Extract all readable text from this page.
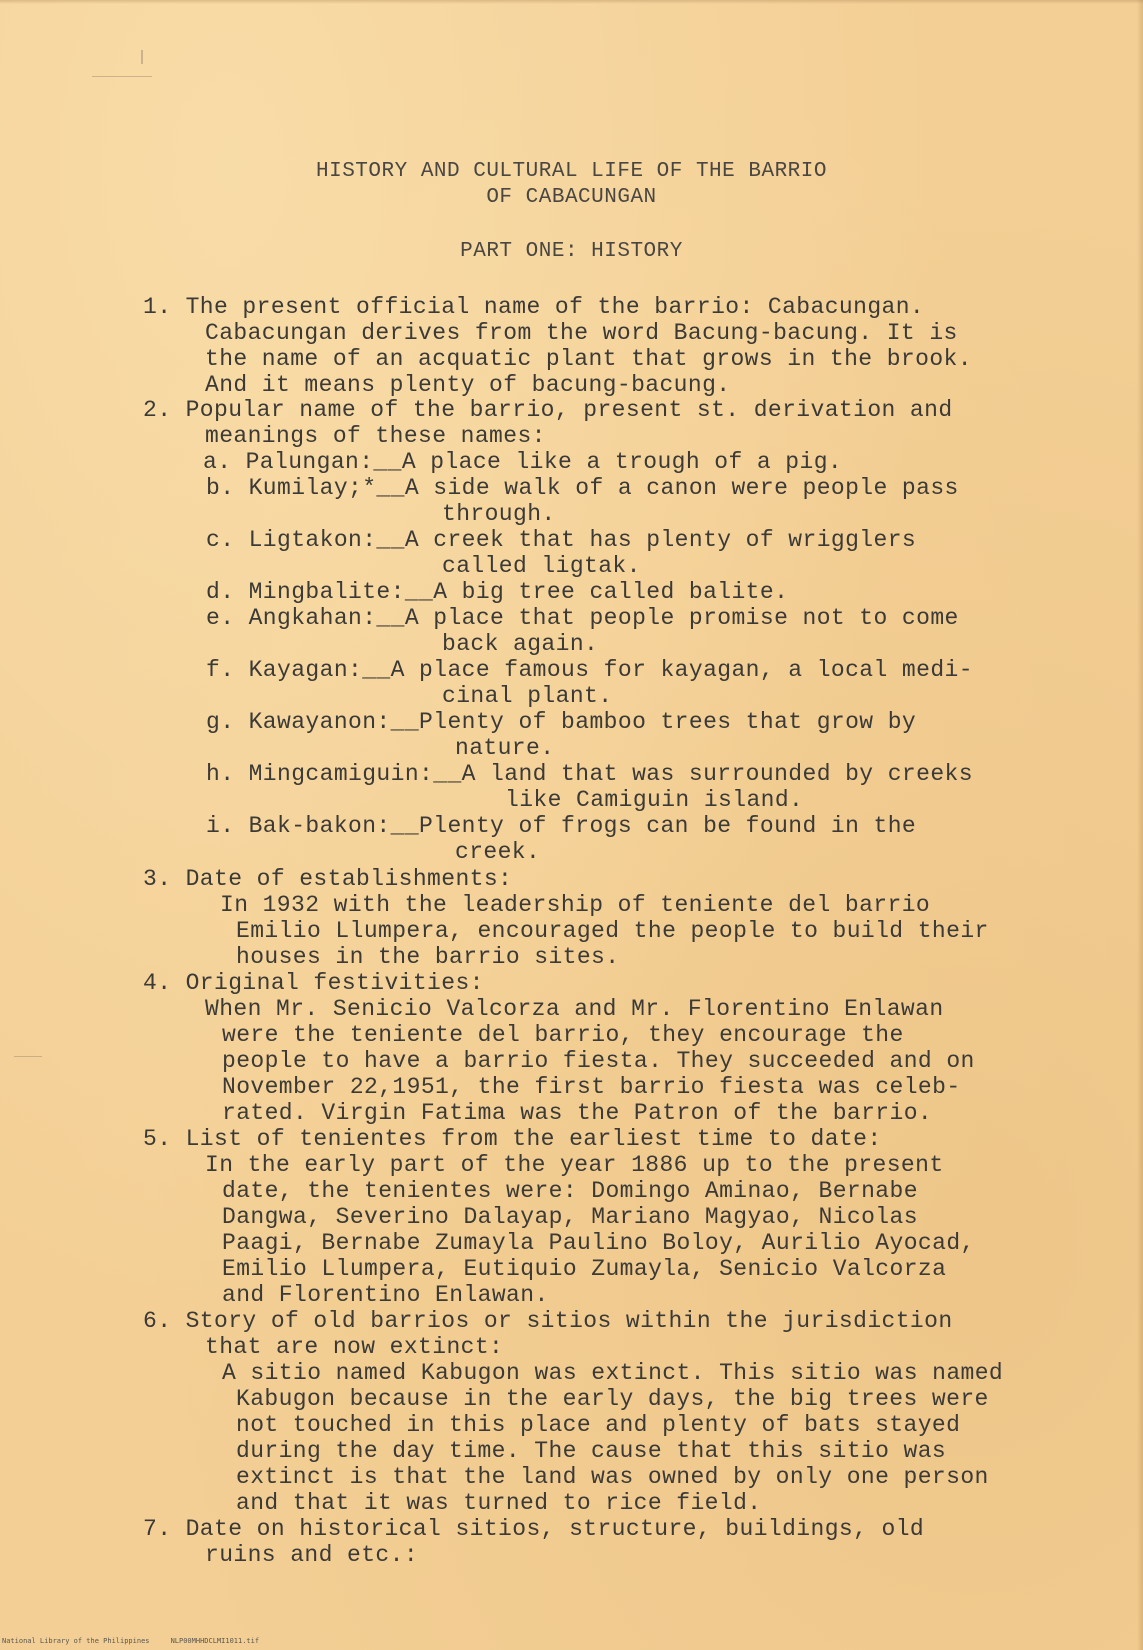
HISTORY AND CULTURAL LIFE OF THE BARRIO
OF CABACUNGAN
PART ONE: HISTORY
1. The present official name of the barrio: Cabacungan.
Cabacungan derives from the word Bacung-bacung. It is
the name of an acquatic plant that grows in the brook.
And it means plenty of bacung-bacung.
2. Popular name of the barrio, present st. derivation and
meanings of these names:
a. Palungan:__A place like a trough of a pig.
b. Kumilay;*__A side walk of a canon were people pass
through.
c. Ligtakon:__A creek that has plenty of wrigglers
called ligtak.
d. Mingbalite:__A big tree called balite.
e. Angkahan:__A place that people promise not to come
back again.
f. Kayagan:__A place famous for kayagan, a local medi-
cinal plant.
g. Kawayanon:__Plenty of bamboo trees that grow by
nature.
h. Mingcamiguin:__A land that was surrounded by creeks
like Camiguin island.
i. Bak-bakon:__Plenty of frogs can be found in the
creek.
3. Date of establishments:
In 1932 with the leadership of teniente del barrio
Emilio Llumpera, encouraged the people to build their
houses in the barrio sites.
4. Original festivities:
When Mr. Senicio Valcorza and Mr. Florentino Enlawan
were the teniente del barrio, they encourage the
people to have a barrio fiesta. They succeeded and on
November 22,1951, the first barrio fiesta was celeb-
rated. Virgin Fatima was the Patron of the barrio.
5. List of tenientes from the earliest time to date:
In the early part of the year 1886 up to the present
date, the tenientes were: Domingo Aminao, Bernabe
Dangwa, Severino Dalayap, Mariano Magyao, Nicolas
Paagi, Bernabe Zumayla Paulino Boloy, Aurilio Ayocad,
Emilio Llumpera, Eutiquio Zumayla, Senicio Valcorza
and Florentino Enlawan.
6. Story of old barrios or sitios within the jurisdiction
that are now extinct:
A sitio named Kabugon was extinct. This sitio was named
Kabugon because in the early days, the big trees were
not touched in this place and plenty of bats stayed
during the day time. The cause that this sitio was
extinct is that the land was owned by only one person
and that it was turned to rice field.
7. Date on historical sitios, structure, buildings, old
ruins and etc.:
National Library of the Philippines     NLP00MHHDCLMI1011.tif
